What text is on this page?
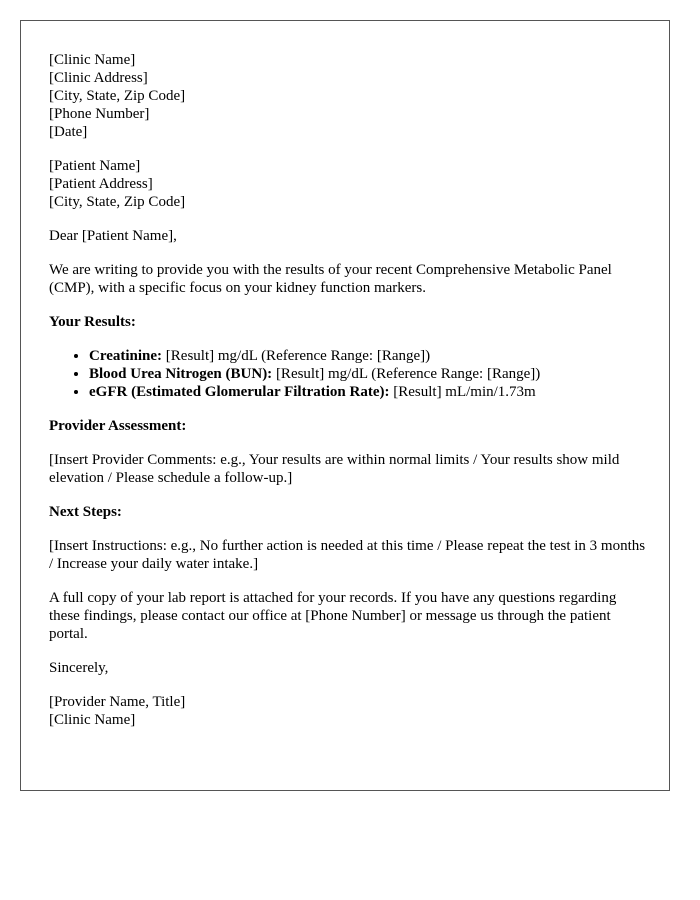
[Clinic Name]
[Clinic Address]
[City, State, Zip Code]
[Phone Number]
[Date]
[Patient Name]
[Patient Address]
[City, State, Zip Code]

Dear [Patient Name],

We are writing to provide you with the results of your recent Comprehensive Metabolic Panel (CMP), with a specific focus on your kidney function markers.

Your Results:

• Creatinine: [Result] mg/dL (Reference Range: [Range])
• Blood Urea Nitrogen (BUN): [Result] mg/dL (Reference Range: [Range])
• eGFR (Estimated Glomerular Filtration Rate): [Result] mL/min/1.73m

Provider Assessment:

[Insert Provider Comments: e.g., Your results are within normal limits / Your results show mild elevation / Please schedule a follow-up.]

Next Steps:

[Insert Instructions: e.g., No further action is needed at this time / Please repeat the test in 3 months / Increase your daily water intake.]

A full copy of your lab report is attached for your records. If you have any questions regarding these findings, please contact our office at [Phone Number] or message us through the patient portal.

Sincerely,

[Provider Name, Title]
[Clinic Name]
